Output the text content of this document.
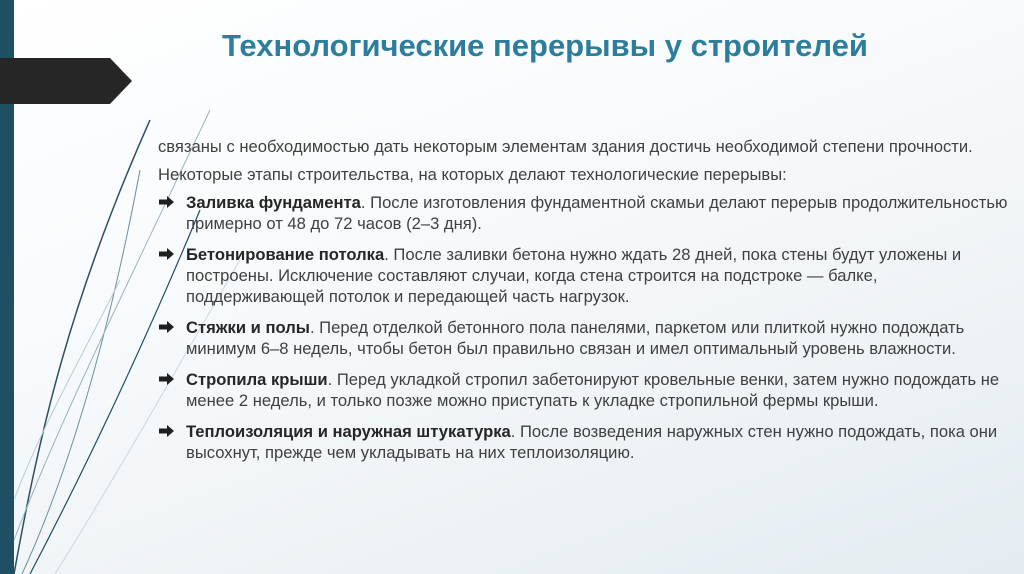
Технологические перерывы у строителей

связаны с необходимостью дать некоторым элементам здания достичь необходимой степени прочности.

Некоторые этапы строительства, на которых делают технологические перерывы:

Заливка фундамента. После изготовления фундаментной скамьи делают перерыв продолжительностью примерно от 48 до 72 часов (2–3 дня).
Бетонирование потолка. После заливки бетона нужно ждать 28 дней, пока стены будут уложены и построены. Исключение составляют случаи, когда стена строится на подстроке — балке, поддерживающей потолок и передающей часть нагрузок.
Стяжки и полы. Перед отделкой бетонного пола панелями, паркетом или плиткой нужно подождать минимум 6–8 недель, чтобы бетон был правильно связан и имел оптимальный уровень влажности.
Стропила крыши. Перед укладкой стропил забетонируют кровельные венки, затем нужно подождать не менее 2 недель, и только позже можно приступать к укладке стропильной фермы крыши.
Теплоизоляция и наружная штукатурка. После возведения наружных стен нужно подождать, пока они высохнут, прежде чем укладывать на них теплоизоляцию.
